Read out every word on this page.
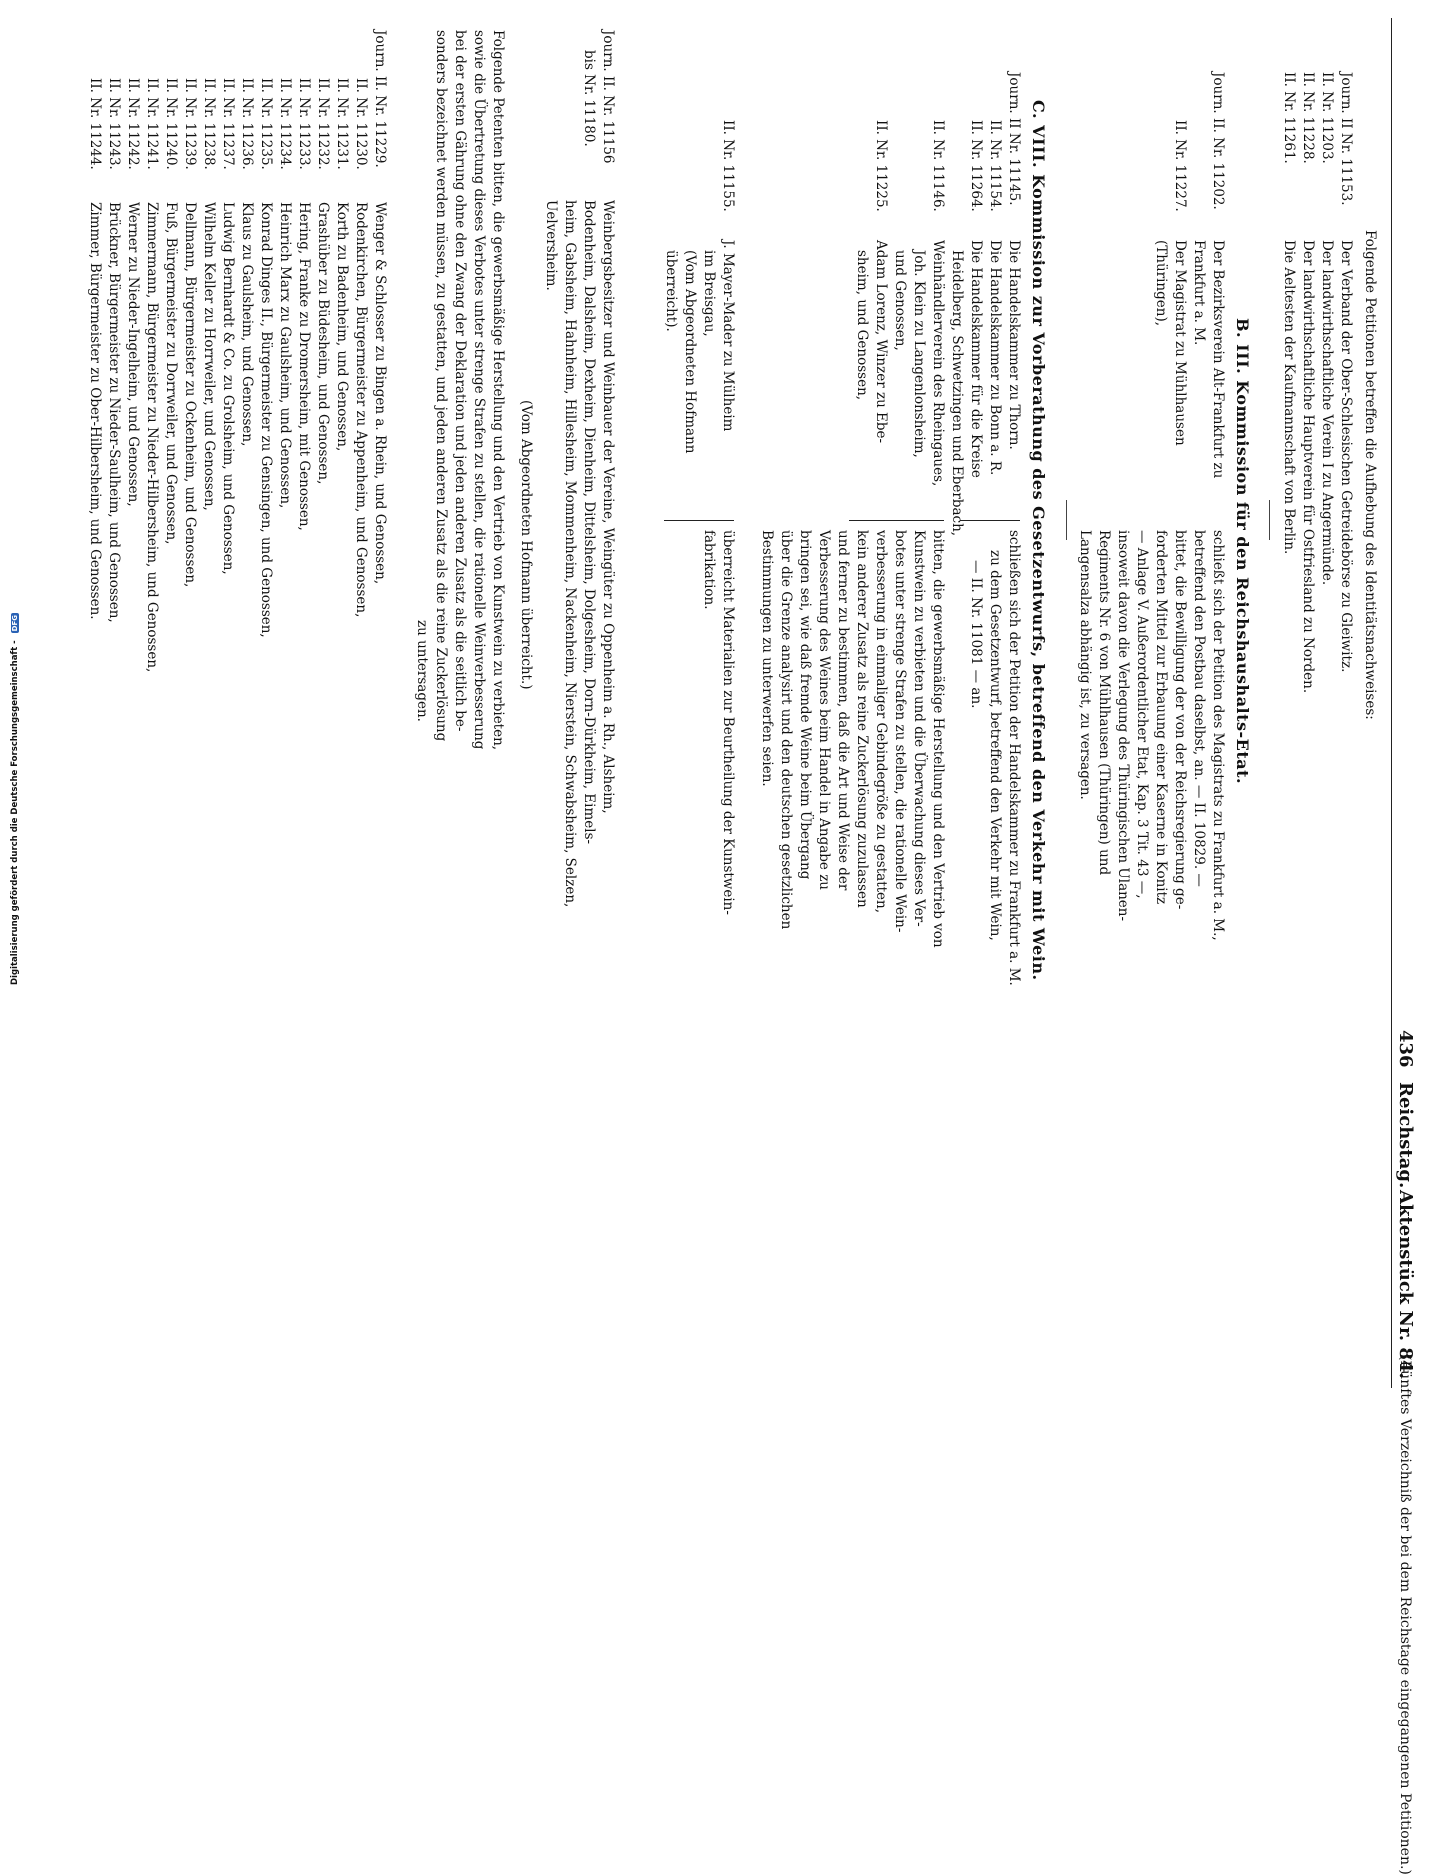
436
Reichstag.
Aktenstück Nr. 84.
(Fünftes Verzeichniß der bei dem Reichstage eingegangenen Petitionen.)
Folgende Petitionen betreffen die Aufhebung des Identitätsnachweises:
Journ. II Nr. 11153.
Der Verband der Ober-Schlesischen Getreidebörse zu Gleiwitz.
II. Nr. 11203.
Der landwirthschaftliche Verein I zu Angermünde.
II. Nr. 11228.
Der landwirthschaftliche Hauptverein für Ostfriesland zu Norden.
II. Nr. 11261.
Die Aeltesten der Kaufmannschaft von Berlin.
B. III. Kommission für den Reichshaushalts-Etat.
Journ. II. Nr. 11202.
Der Bezirksverein Alt-Frankfurt zu
Frankfurt a. M.
schließt sich der Petition des Magistrats zu Frankfurt a. M.,
betreffend den Postbau daselbst, an. — II. 10829. —
II. Nr. 11227.
Der Magistrat zu Mühlhausen
(Thüringen),
bittet, die Bewilligung der von der Reichsregierung ge-
forderten Mittel zur Erbauung einer Kaserne in Konitz
— Anlage V. Außerordentlicher Etat, Kap. 3 Tit. 43 —,
insoweit davon die Verlegung des Thüringischen Ulanen-
Regiments Nr. 6 von Mühlhausen (Thüringen) und
Langensalza abhängig ist, zu versagen.
C. VIII. Kommission zur Vorberathung des Gesetzentwurfs, betreffend den Verkehr mit Wein.
Journ. II Nr. 11145.
Die Handelskammer zu Thorn.
II. Nr. 11154.
Die Handelskammer zu Bonn a. R.
II. Nr. 11264.
Die Handelskammer für die Kreise
Heidelberg, Schwetzingen und Eberbach,
II. Nr. 11146.
Weinhändlerverein des Rheingaues,
Joh. Klein zu Langenlonsheim,
und Genossen,
II. Nr. 11225.
Adam Lorenz, Winzer zu Ebe-
sheim, und Genossen,
II. Nr. 11155.
J. Mayer-Mader zu Mülheim
im Breisgau,
(Vom Abgeordneten Hofmann
überreicht).
schließen sich der Petition der Handelskammer zu Frankfurt a. M.
zu dem Gesetzentwurf, betreffend den Verkehr mit Wein,
— II. Nr. 11081 — an.
bitten, die gewerbsmäßige Herstellung und den Vertrieb von
Kunstwein zu verbieten und die Überwachung dieses Ver-
botes unter strenge Strafen zu stellen, die rationelle Wein-
verbesserung in einmaliger Gebindegröße zu gestatten,
kein anderer Zusatz als reine Zuckerlösung zuzulassen
und ferner zu bestimmen, daß die Art und Weise der
Verbesserung des Weines beim Handel in Angabe zu
bringen sei, wie daß fremde Weine beim Übergang
über die Grenze analysirt und den deutschen gesetzlichen
Bestimmungen zu unterwerfen seien.
überreicht Materialien zur Beurtheilung der Kunstwein-
fabrikation.
Journ. II. Nr. 11156
bis Nr. 11180.
Weinbergsbesitzer und Weinbauer der Vereine, Weingüter zu Oppenheim a. Rh., Alsheim,
Bodenheim, Dalsheim, Dexheim, Dienheim, Dittelsheim, Dolgesheim, Dorn-Dürkheim, Eimels-
heim, Gabsheim, Hahnheim, Hillesheim, Mommenheim, Nackenheim, Nierstein, Schwabsheim, Selzen,
Uelversheim.
(Vom Abgeordneten Hofmann überreicht.)
Folgende Petenten bitten, die gewerbsmäßige Herstellung und den Vertrieb von Kunstwein zu verbieten,
sowie die Übertretung dieses Verbotes unter strenge Strafen zu stellen, die rationelle Weinverbesserung
bei der ersten Gährung ohne den Zwang der Deklaration und jeden anderen Zusatz als die seitlich be-
sonders bezeichnet werden müssen, zu gestatten, und jeden anderen Zusatz als die reine Zuckerlösung
zu untersagen.
Journ. II. Nr. 11229.
Wenger & Schlosser zu Bingen a. Rhein, und Genossen,
II. Nr. 11230.
Rodenkirchen, Bürgermeister zu Appenheim, und Genossen,
II. Nr. 11231.
Korth zu Badenheim, und Genossen,
II. Nr. 11232.
Grashüber zu Büdesheim, und Genossen,
II. Nr. 11233.
Hering, Franke zu Dromersheim, mit Genossen,
II. Nr. 11234.
Heinrich Marx zu Gaulsheim, und Genossen,
II. Nr. 11235.
Konrad Dinges II., Bürgermeister zu Gensingen, und Genossen,
II. Nr. 11236.
Klaus zu Gaulsheim, und Genossen,
II. Nr. 11237.
Ludwig Bernhardt & Co. zu Grolsheim, und Genossen,
II. Nr. 11238.
Wilhelm Keller zu Horrweiler, und Genossen,
II. Nr. 11239.
Dellmann, Bürgermeister zu Ockenheim, und Genossen,
II. Nr. 11240.
Fuß, Bürgermeister zu Dorrweiler, und Genossen,
II. Nr. 11241.
Zimmermann, Bürgermeister zu Nieder-Hilbersheim, und Genossen,
II. Nr. 11242.
Werner zu Nieder-Ingelheim, und Genossen,
II. Nr. 11243.
Brückner, Bürgermeister zu Nieder-Saulheim, und Genossen,
II. Nr. 11244.
Zimmer, Bürgermeister zu Ober-Hilbersheim, und Genossen.
Digitalisierung gefördert durch die Deutsche Forschungsgemeinschaft - DFG
